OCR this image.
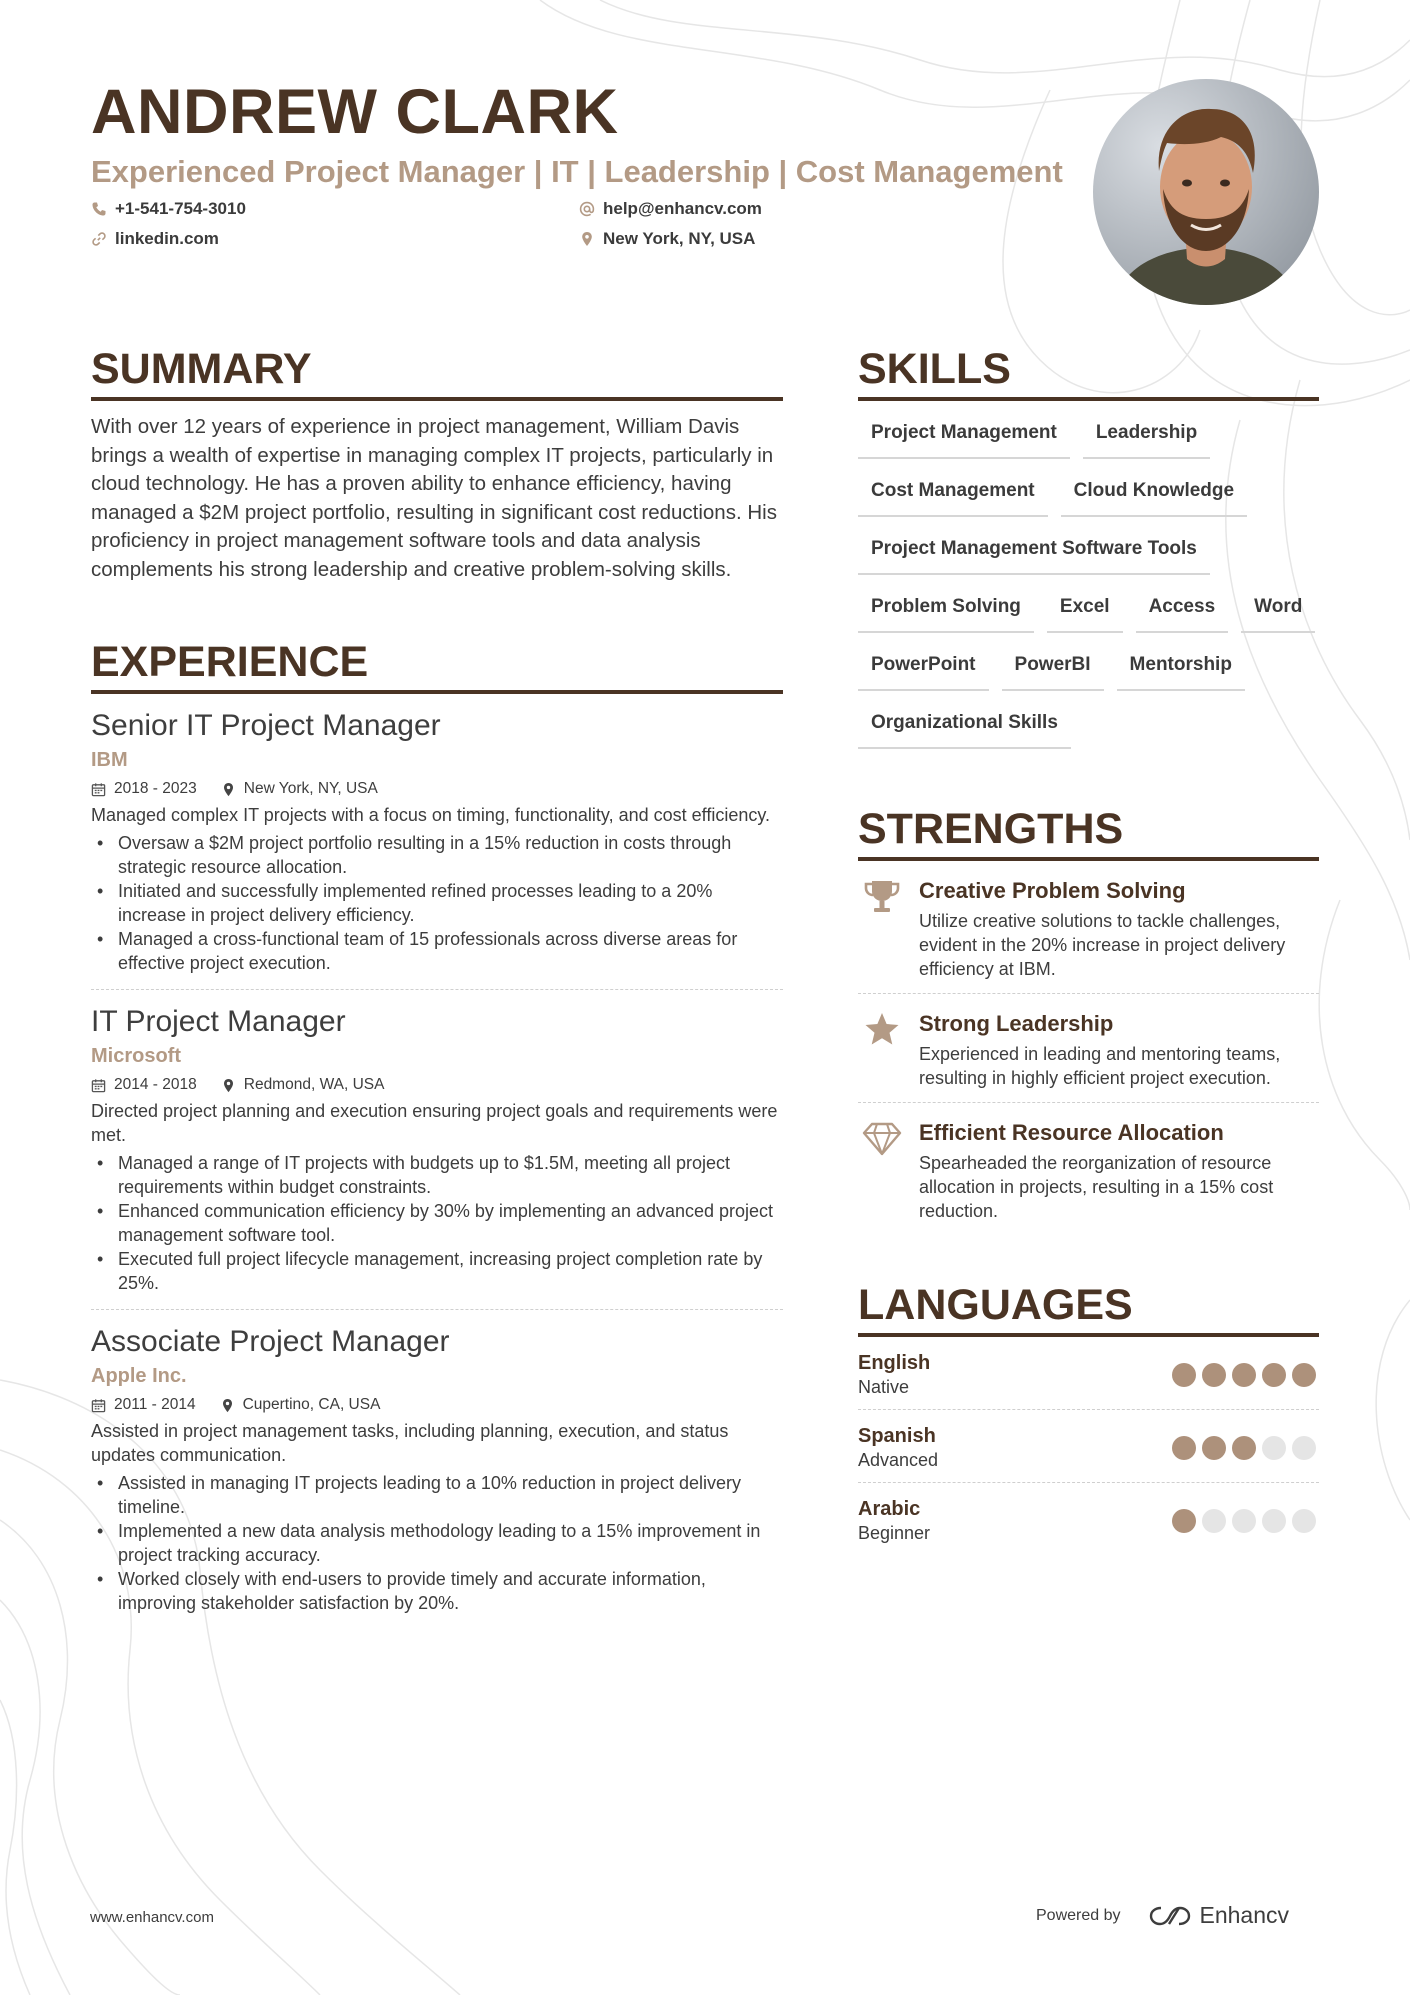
ANDREW CLARK
Experienced Project Manager | IT | Leadership | Cost Management
+1-541-754-3010	help@enhancv.com
linkedin.com	New York, NY, USA
SUMMARY

With over 12 years of experience in project management, William Davis brings a wealth of expertise in managing complex IT projects, particularly in cloud technology. He has a proven ability to enhance efficiency, having managed a $2M project portfolio, resulting in significant cost reductions. His proficiency in project management software tools and data analysis complements his strong leadership and creative problem-solving skills.

EXPERIENCE
Senior IT Project Manager
IBM
2018 - 2023	New York, NY, USA
Managed complex IT projects with a focus on timing, functionality, and cost efficiency.
• Oversaw a $2M project portfolio resulting in a 15% reduction in costs through strategic resource allocation.
• Initiated and successfully implemented refined processes leading to a 20% increase in project delivery efficiency.
• Managed a cross-functional team of 15 professionals across diverse areas for effective project execution.
IT Project Manager
Microsoft
2014 - 2018	Redmond, WA, USA
Directed project planning and execution ensuring project goals and requirements were met.
• Managed a range of IT projects with budgets up to $1.5M, meeting all project requirements within budget constraints.
• Enhanced communication efficiency by 30% by implementing an advanced project management software tool.
• Executed full project lifecycle management, increasing project completion rate by 25%.
Associate Project Manager
Apple Inc.
2011 - 2014	Cupertino, CA, USA
Assisted in project management tasks, including planning, execution, and status updates communication.
• Assisted in managing IT projects leading to a 10% reduction in project delivery timeline.
• Implemented a new data analysis methodology leading to a 15% improvement in project tracking accuracy.
• Worked closely with end-users to provide timely and accurate information, improving stakeholder satisfaction by 20%.
SKILLS
Project Management	Leadership
Cost Management	Cloud Knowledge
Project Management Software Tools
Problem Solving	Excel	Access	Word
PowerPoint	PowerBI	Mentorship
Organizational Skills
STRENGTHS
Creative Problem Solving
Utilize creative solutions to tackle challenges, evident in the 20% increase in project delivery efficiency at IBM.
Strong Leadership
Experienced in leading and mentoring teams, resulting in highly efficient project execution.
Efficient Resource Allocation
Spearheaded the reorganization of resource allocation in projects, resulting in a 15% cost reduction.
LANGUAGES
English
Native
Spanish
Advanced
Arabic
Beginner
www.enhancv.com	Powered by	Enhancv
